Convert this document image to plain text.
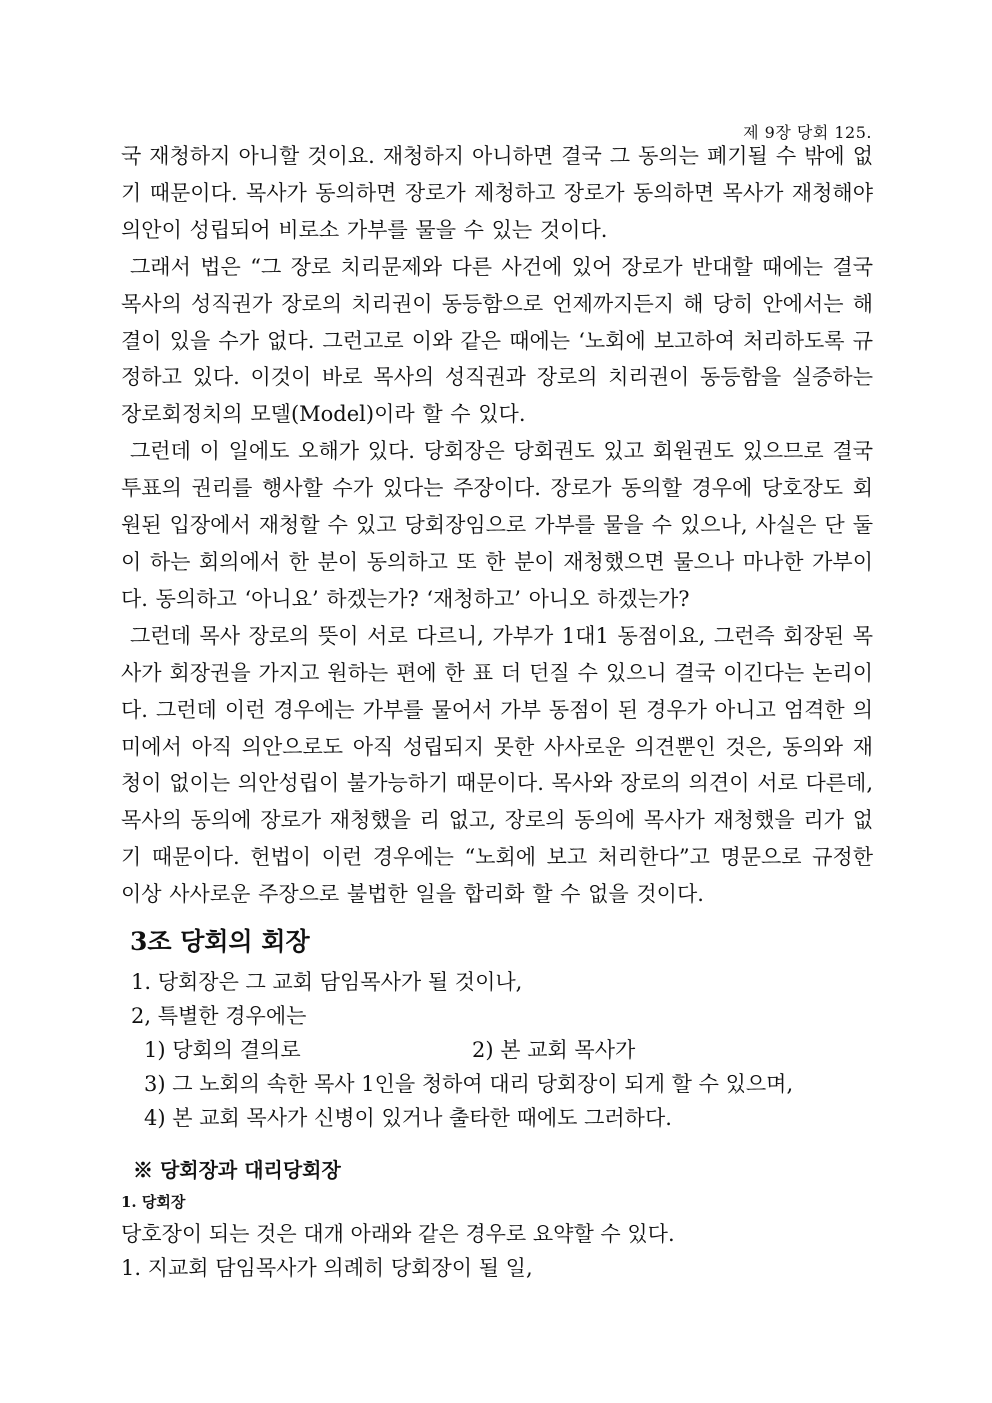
제 9장 당회 125.

국 재청하지 아니할 것이요. 재청하지 아니하면 결국 그 동의는 폐기될 수 밖에 없기 때문이다. 목사가 동의하면 장로가 제청하고 장로가 동의하면 목사가 재청해야 의안이 성립되어 비로소 가부를 물을 수 있는 것이다.

그래서 법은 “그 장로 치리문제와 다른 사건에 있어 장로가 반대할 때에는 결국 목사의 성직권가 장로의 치리권이 동등함으로 언제까지든지 해 당히 안에서는 해결이 있을 수가 없다. 그런고로 이와 같은 때에는 ‘노회에 보고하여 처리하도록 규정하고 있다. 이것이 바로 목사의 성직권과 장로의 치리권이 동등함을 실증하는 장로회정치의 모델(Model)이라 할 수 있다.

그런데 이 일에도 오해가 있다. 당회장은 당회권도 있고 회원권도 있으므로 결국 투표의 권리를 행사할 수가 있다는 주장이다. 장로가 동의할 경우에 당호장도 회원된 입장에서 재청할 수 있고 당회장임으로 가부를 물을 수 있으나, 사실은 단 둘이 하는 회의에서 한 분이 동의하고 또 한 분이 재청했으면 물으나 마나한 가부이다. 동의하고 ‘아니요’ 하겠는가? ‘재청하고’ 아니오 하겠는가?

그런데 목사 장로의 뜻이 서로 다르니, 가부가 1대1 동점이요, 그런즉 회장된 목사가 회장권을 가지고 원하는 편에 한 표 더 던질 수 있으니 결국 이긴다는 논리이다. 그런데 이런 경우에는 가부를 물어서 가부 동점이 된 경우가 아니고 엄격한 의미에서 아직 의안으로도 아직 성립되지 못한 사사로운 의견뿐인 것은, 동의와 재청이 없이는 의안성립이 불가능하기 때문이다. 목사와 장로의 의견이 서로 다른데, 목사의 동의에 장로가 재청했을 리 없고, 장로의 동의에 목사가 재청했을 리가 없기 때문이다. 헌법이 이런 경우에는 “노회에 보고 처리한다”고 명문으로 규정한 이상 사사로운 주장으로 불법한 일을 합리화 할 수 없을 것이다.

3조 당회의 회장
1. 당회장은 그 교회 담임목사가 될 것이나,
2, 특별한 경우에는
1) 당회의 결의로	2) 본 교회 목사가
3) 그 노회의 속한 목사 1인을 청하여 대리 당회장이 되게 할 수 있으며,
4) 본 교회 목사가 신병이 있거나 출타한 때에도 그러하다.
※ 당회장과 대리당회장
1. 당회장
당호장이 되는 것은 대개 아래와 같은 경우로 요약할 수 있다.
1. 지교회 담임목사가 의례히 당회장이 될 일,
